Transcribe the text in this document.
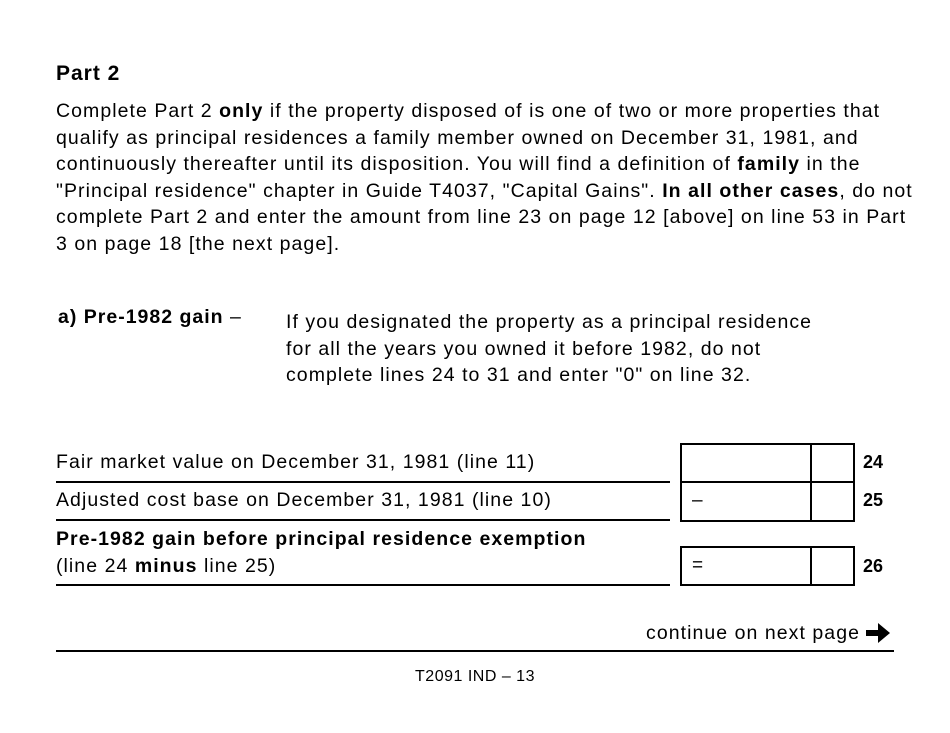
Part 2

Complete Part 2 only if the property disposed of is one of two or more properties that qualify as principal residences a family member owned on December 31, 1981, and continuously thereafter until its disposition. You will find a definition of family in the "Principal residence" chapter in Guide T4037, "Capital Gains". In all other cases, do not complete Part 2 and enter the amount from line 23 on page 12 [above] on line 53 in Part 3 on page 18 [the next page].

a) Pre-1982 gain – If you designated the property as a principal residence for all the years you owned it before 1982, do not complete lines 24 to 31 and enter "0" on line 32.

Fair market value on December 31, 1981 (line 11)	24
Adjusted cost base on December 31, 1981 (line 10)	–	25
Pre-1982 gain before principal residence exemption
(line 24 minus line 25)	=	26
continue on next page
T2091 IND – 13
